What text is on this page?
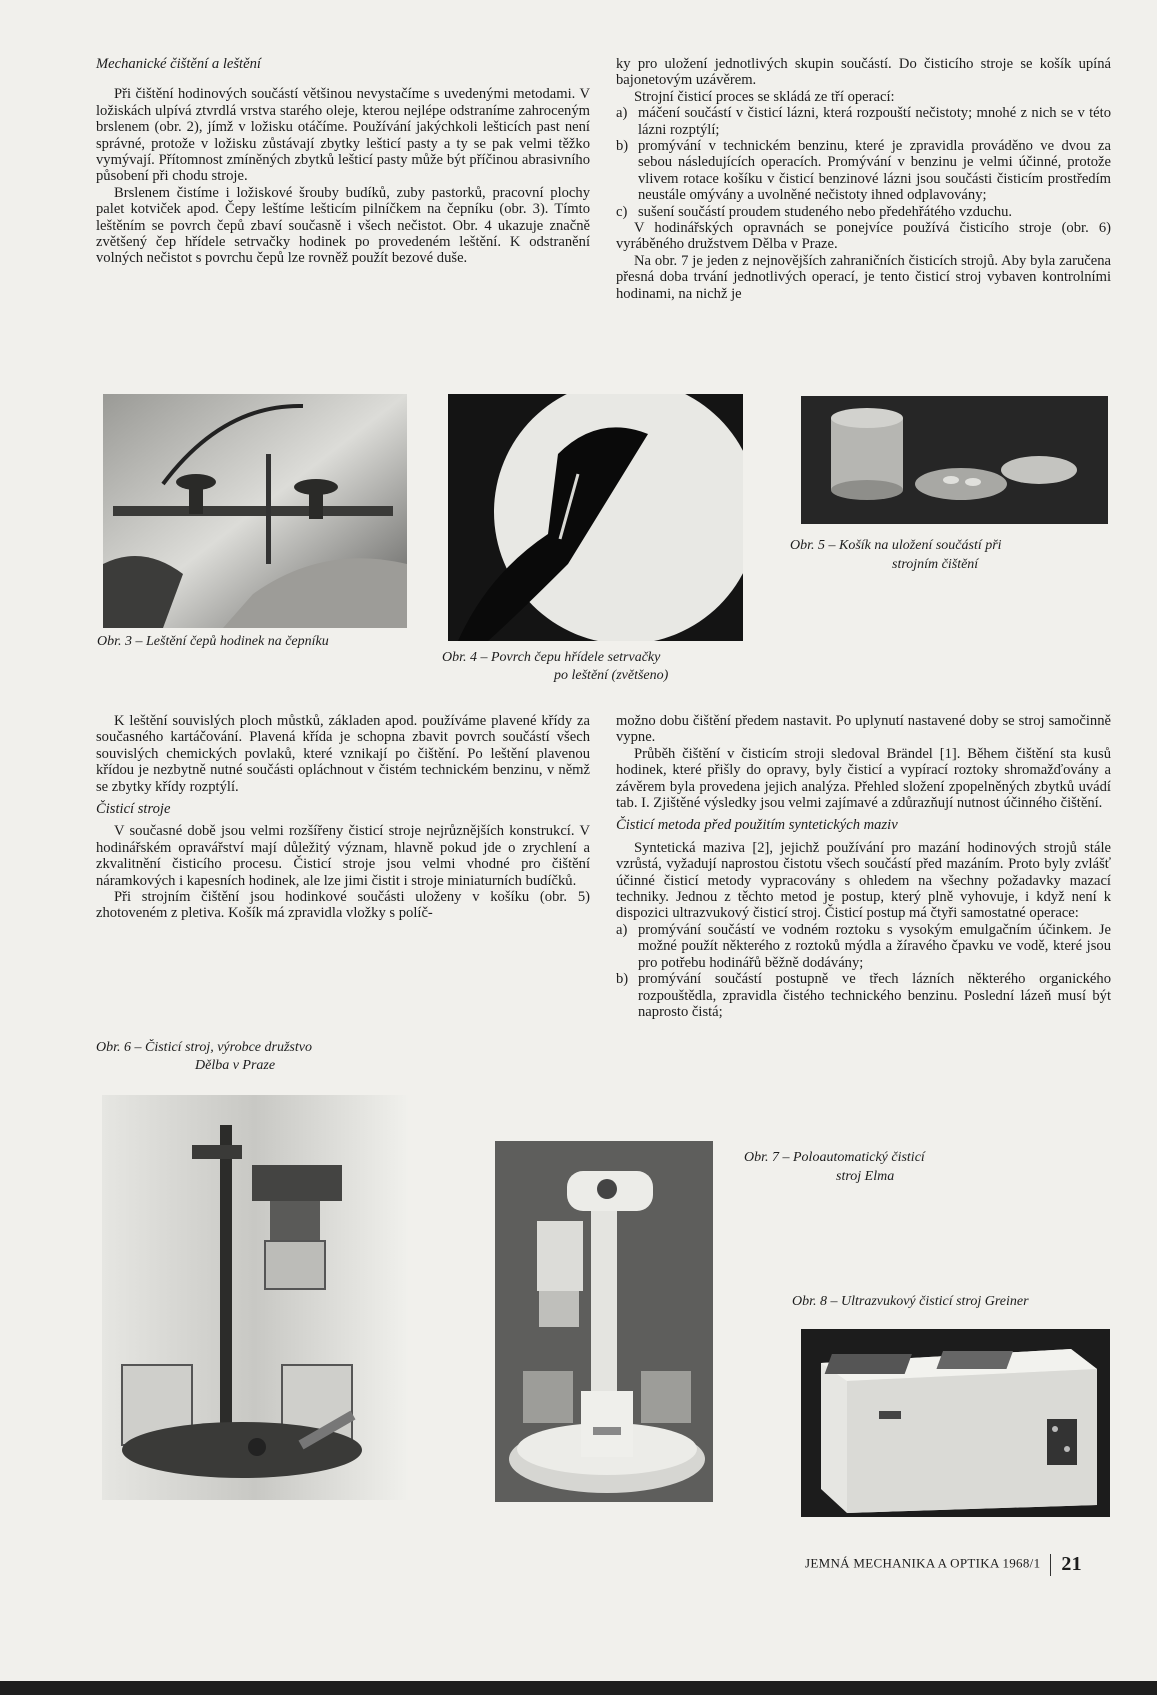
Mechanické čištění a leštění

Při čištění hodinových součástí většinou nevystačíme s uvedenými metodami. V ložiskách ulpívá ztvrdlá vrstva starého oleje, kterou nejlépe odstraníme zahroceným brslenem (obr. 2), jímž v ložisku otáčíme. Používání jakýchkoli lešticích past není správné, protože v ložisku zůstávají zbytky lešticí pasty a ty se pak velmi těžko vymývají. Přítomnost zmíněných zbytků lešticí pasty může být příčinou abrasivního působení při chodu stroje.

Brslenem čistíme i ložiskové šrouby budíků, zuby pastorků, pracovní plochy palet kotviček apod. Čepy leštíme lešticím pilníčkem na čepníku (obr. 3). Tímto leštěním se povrch čepů zbaví současně i všech nečistot. Obr. 4 ukazuje značně zvětšený čep hřídele setrvačky hodinek po provedeném leštění. K odstranění volných nečistot s povrchu čepů lze rovněž použít bezové duše.

ky pro uložení jednotlivých skupin součástí. Do čisticího stroje se košík upíná bajonetovým uzávěrem.

Strojní čisticí proces se skládá ze tří operací:

a) máčení součástí v čisticí lázni, která rozpouští nečistoty; mnohé z nich se v této lázni rozptýlí;

b) promývání v technickém benzinu, které je zpravidla prováděno ve dvou za sebou následujících operacích. Promývání v benzinu je velmi účinné, protože vlivem rotace košíku v čisticí benzinové lázni jsou součásti čisticím prostředím neustále omývány a uvolněné nečistoty ihned odplavovány;

c) sušení součástí proudem studeného nebo předehřátého vzduchu.

V hodinářských opravnách se ponejvíce používá čisticího stroje (obr. 6) vyráběného družstvem Dělba v Praze.

Na obr. 7 je jeden z nejnovějších zahraničních čisticích strojů. Aby byla zaručena přesná doba trvání jednotlivých operací, je tento čisticí stroj vybaven kontrolními hodinami, na nichž je

Obr. 3 – Leštění čepů hodinek na čepníku
Obr. 4 – Povrch čepu hřídele setrvačky
po leštění (zvětšeno)
Obr. 5 – Košík na uložení součástí při
strojním čištění

K leštění souvislých ploch můstků, základen apod. používáme plavené křídy za současného kartáčování. Plavená křída je schopna zbavit povrch součástí všech souvislých chemických povlaků, které vznikají po čištění. Po leštění plavenou křídou je nezbytně nutné součásti opláchnout v čistém technickém benzinu, v němž se zbytky křídy rozptýlí.

Čisticí stroje

V současné době jsou velmi rozšířeny čisticí stroje nejrůznějších konstrukcí. V hodinářském opravářství mají důležitý význam, hlavně pokud jde o zrychlení a zkvalitnění čisticího procesu. Čisticí stroje jsou velmi vhodné pro čištění náramkových i kapesních hodinek, ale lze jimi čistit i stroje miniaturních budíčků.

Při strojním čištění jsou hodinkové součásti uloženy v košíku (obr. 5) zhotoveném z pletiva. Košík má zpravidla vložky s políč-

možno dobu čištění předem nastavit. Po uplynutí nastavené doby se stroj samočinně vypne.

Průběh čištění v čisticím stroji sledoval Brändel [1]. Během čištění sta kusů hodinek, které přišly do opravy, byly čisticí a vypírací roztoky shromažďovány a závěrem byla provedena jejich analýza. Přehled složení zpopelněných zbytků uvádí tab. I. Zjištěné výsledky jsou velmi zajímavé a zdůrazňují nutnost účinného čištění.

Čisticí metoda před použitím syntetických maziv

Syntetická maziva [2], jejichž používání pro mazání hodinových strojů stále vzrůstá, vyžadují naprostou čistotu všech součástí před mazáním. Proto byly zvlášť účinné čisticí metody vypracovány s ohledem na všechny požadavky mazací techniky. Jednou z těchto metod je postup, který plně vyhovuje, i když není k dispozici ultrazvukový čisticí stroj. Čisticí postup má čtyři samostatné operace:

a) promývání součástí ve vodném roztoku s vysokým emulgačním účinkem. Je možné použít některého z roztoků mýdla a žíravého čpavku ve vodě, které jsou pro potřebu hodinářů běžně dodávány;

b) promývání součástí postupně ve třech lázních některého organického rozpouštědla, zpravidla čistého technického benzinu. Poslední lázeň musí být naprosto čistá;

Obr. 6 – Čisticí stroj, výrobce družstvo
Dělba v Praze
Obr. 7 – Poloautomatický čisticí
stroj Elma
Obr. 8 – Ultrazvukový čisticí stroj Greiner
JEMNÁ MECHANIKA A OPTIKA 1968/1 21
